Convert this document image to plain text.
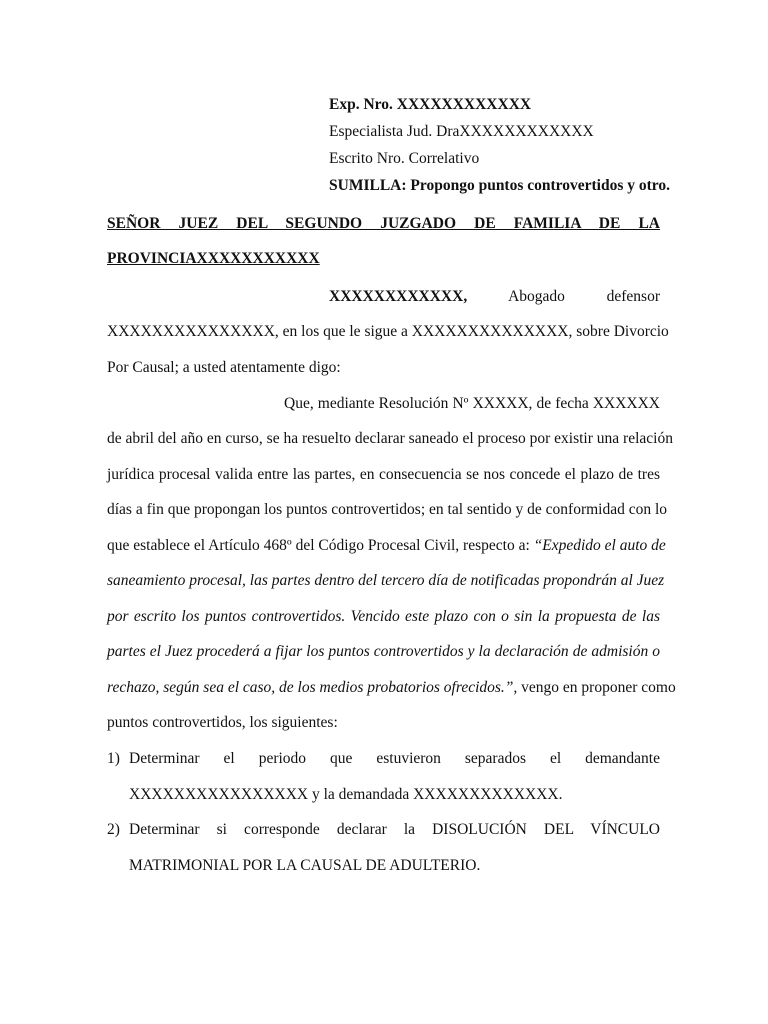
Exp. Nro. XXXXXXXXXXXX
Especialista Jud. DraXXXXXXXXXXXX
Escrito Nro. Correlativo
SUMILLA: Propongo puntos controvertidos y otro.
SEÑOR JUEZ DEL SEGUNDO JUZGADO DE FAMILIA DE LA
PROVINCIAXXXXXXXXXXX
XXXXXXXXXXXX,	Abogado	defensor
XXXXXXXXXXXXXXX, en los que le sigue a XXXXXXXXXXXXXX, sobre Divorcio
Por Causal; a usted atentamente digo:
Que, mediante Resolución Nº XXXXX, de fecha XXXXXX
de abril del año en curso, se ha resuelto declarar saneado el proceso por existir una relación
jurídica procesal valida entre las partes, en consecuencia se nos concede el plazo de tres
días a fin que propongan los puntos controvertidos; en tal sentido y de conformidad con lo
que establece el Artículo 468º del Código Procesal Civil, respecto a: “Expedido el auto de
saneamiento procesal, las partes dentro del tercero día de notificadas propondrán al Juez
por escrito los puntos controvertidos. Vencido este plazo con o sin la propuesta de las
partes el Juez procederá a fijar los puntos controvertidos y la declaración de admisión o
rechazo, según sea el caso, de los medios probatorios ofrecidos.”, vengo en proponer como
puntos controvertidos, los siguientes:
1) Determinar el periodo que estuvieron separados el demandante
XXXXXXXXXXXXXXXX y la demandada XXXXXXXXXXXXX.
2) Determinar si corresponde declarar la DISOLUCIÓN DEL VÍNCULO
MATRIMONIAL POR LA CAUSAL DE ADULTERIO.
